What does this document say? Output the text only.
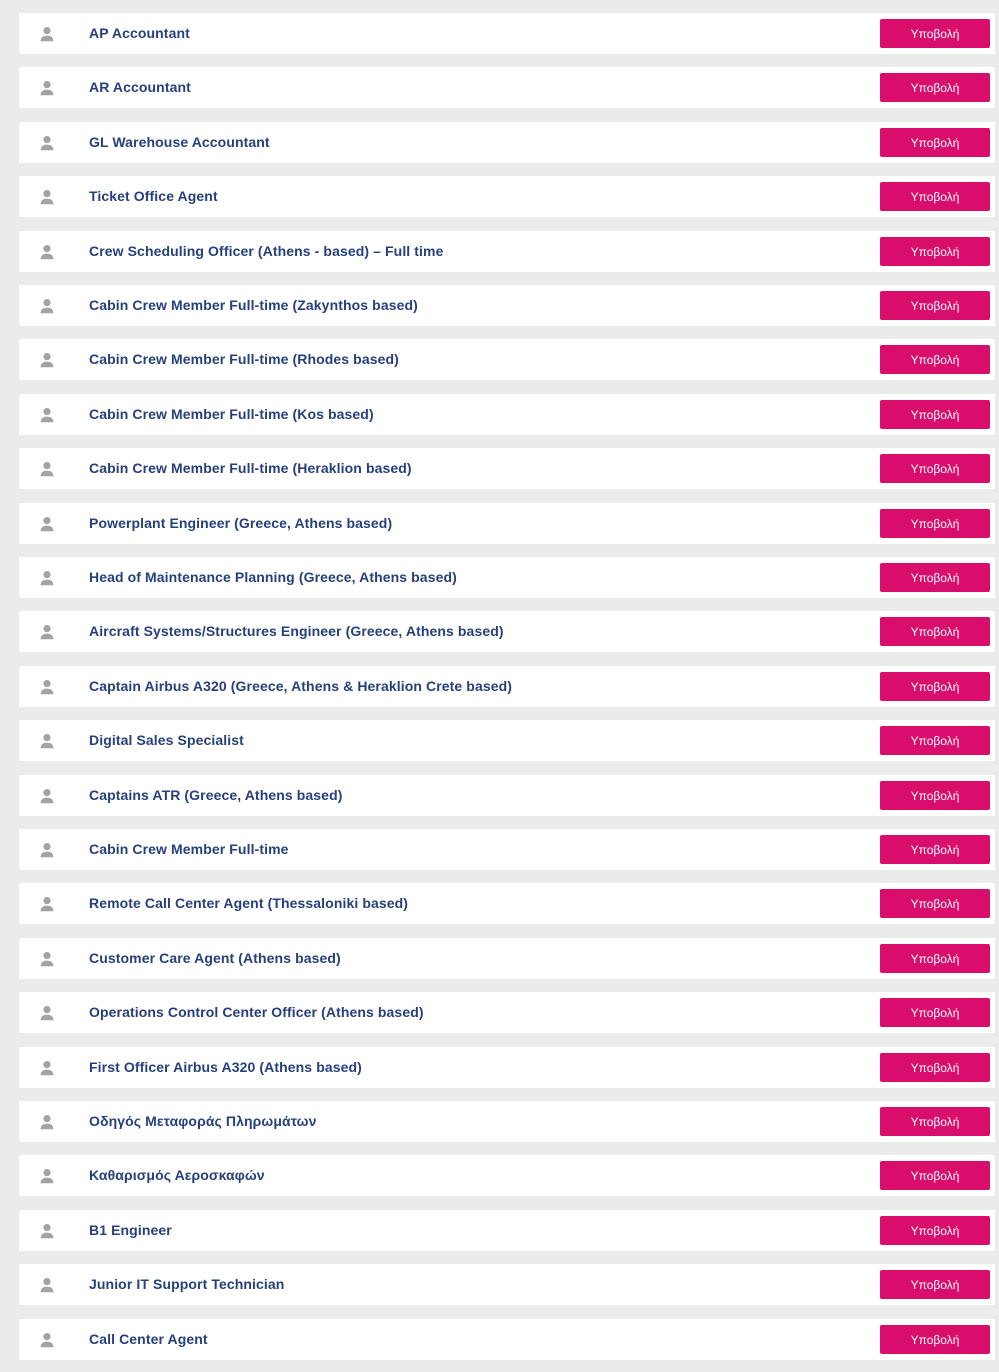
AP Accountant	Υποβολή
AR Accountant	Υποβολή
GL Warehouse Accountant	Υποβολή
Ticket Office Agent	Υποβολή
Crew Scheduling Officer (Athens - based) – Full time	Υποβολή
Cabin Crew Member Full-time (Zakynthos based)	Υποβολή
Cabin Crew Member Full-time (Rhodes based)	Υποβολή
Cabin Crew Member Full-time (Kos based)	Υποβολή
Cabin Crew Member Full-time (Heraklion based)	Υποβολή
Powerplant Engineer (Greece, Athens based)	Υποβολή
Head of Maintenance Planning (Greece, Athens based)	Υποβολή
Aircraft Systems/Structures Engineer (Greece, Athens based)	Υποβολή
Captain Airbus A320 (Greece, Athens & Heraklion Crete based)	Υποβολή
Digital Sales Specialist	Υποβολή
Captains ATR (Greece, Athens based)	Υποβολή
Cabin Crew Member Full-time	Υποβολή
Remote Call Center Agent (Thessaloniki based)	Υποβολή
Customer Care Agent (Athens based)	Υποβολή
Operations Control Center Officer (Athens based)	Υποβολή
First Officer Airbus A320 (Athens based)	Υποβολή
Οδηγός Μεταφοράς Πληρωμάτων	Υποβολή
Καθαρισμός Αεροσκαφών	Υποβολή
B1 Engineer	Υποβολή
Junior IT Support Technician	Υποβολή
Call Center Agent	Υποβολή
